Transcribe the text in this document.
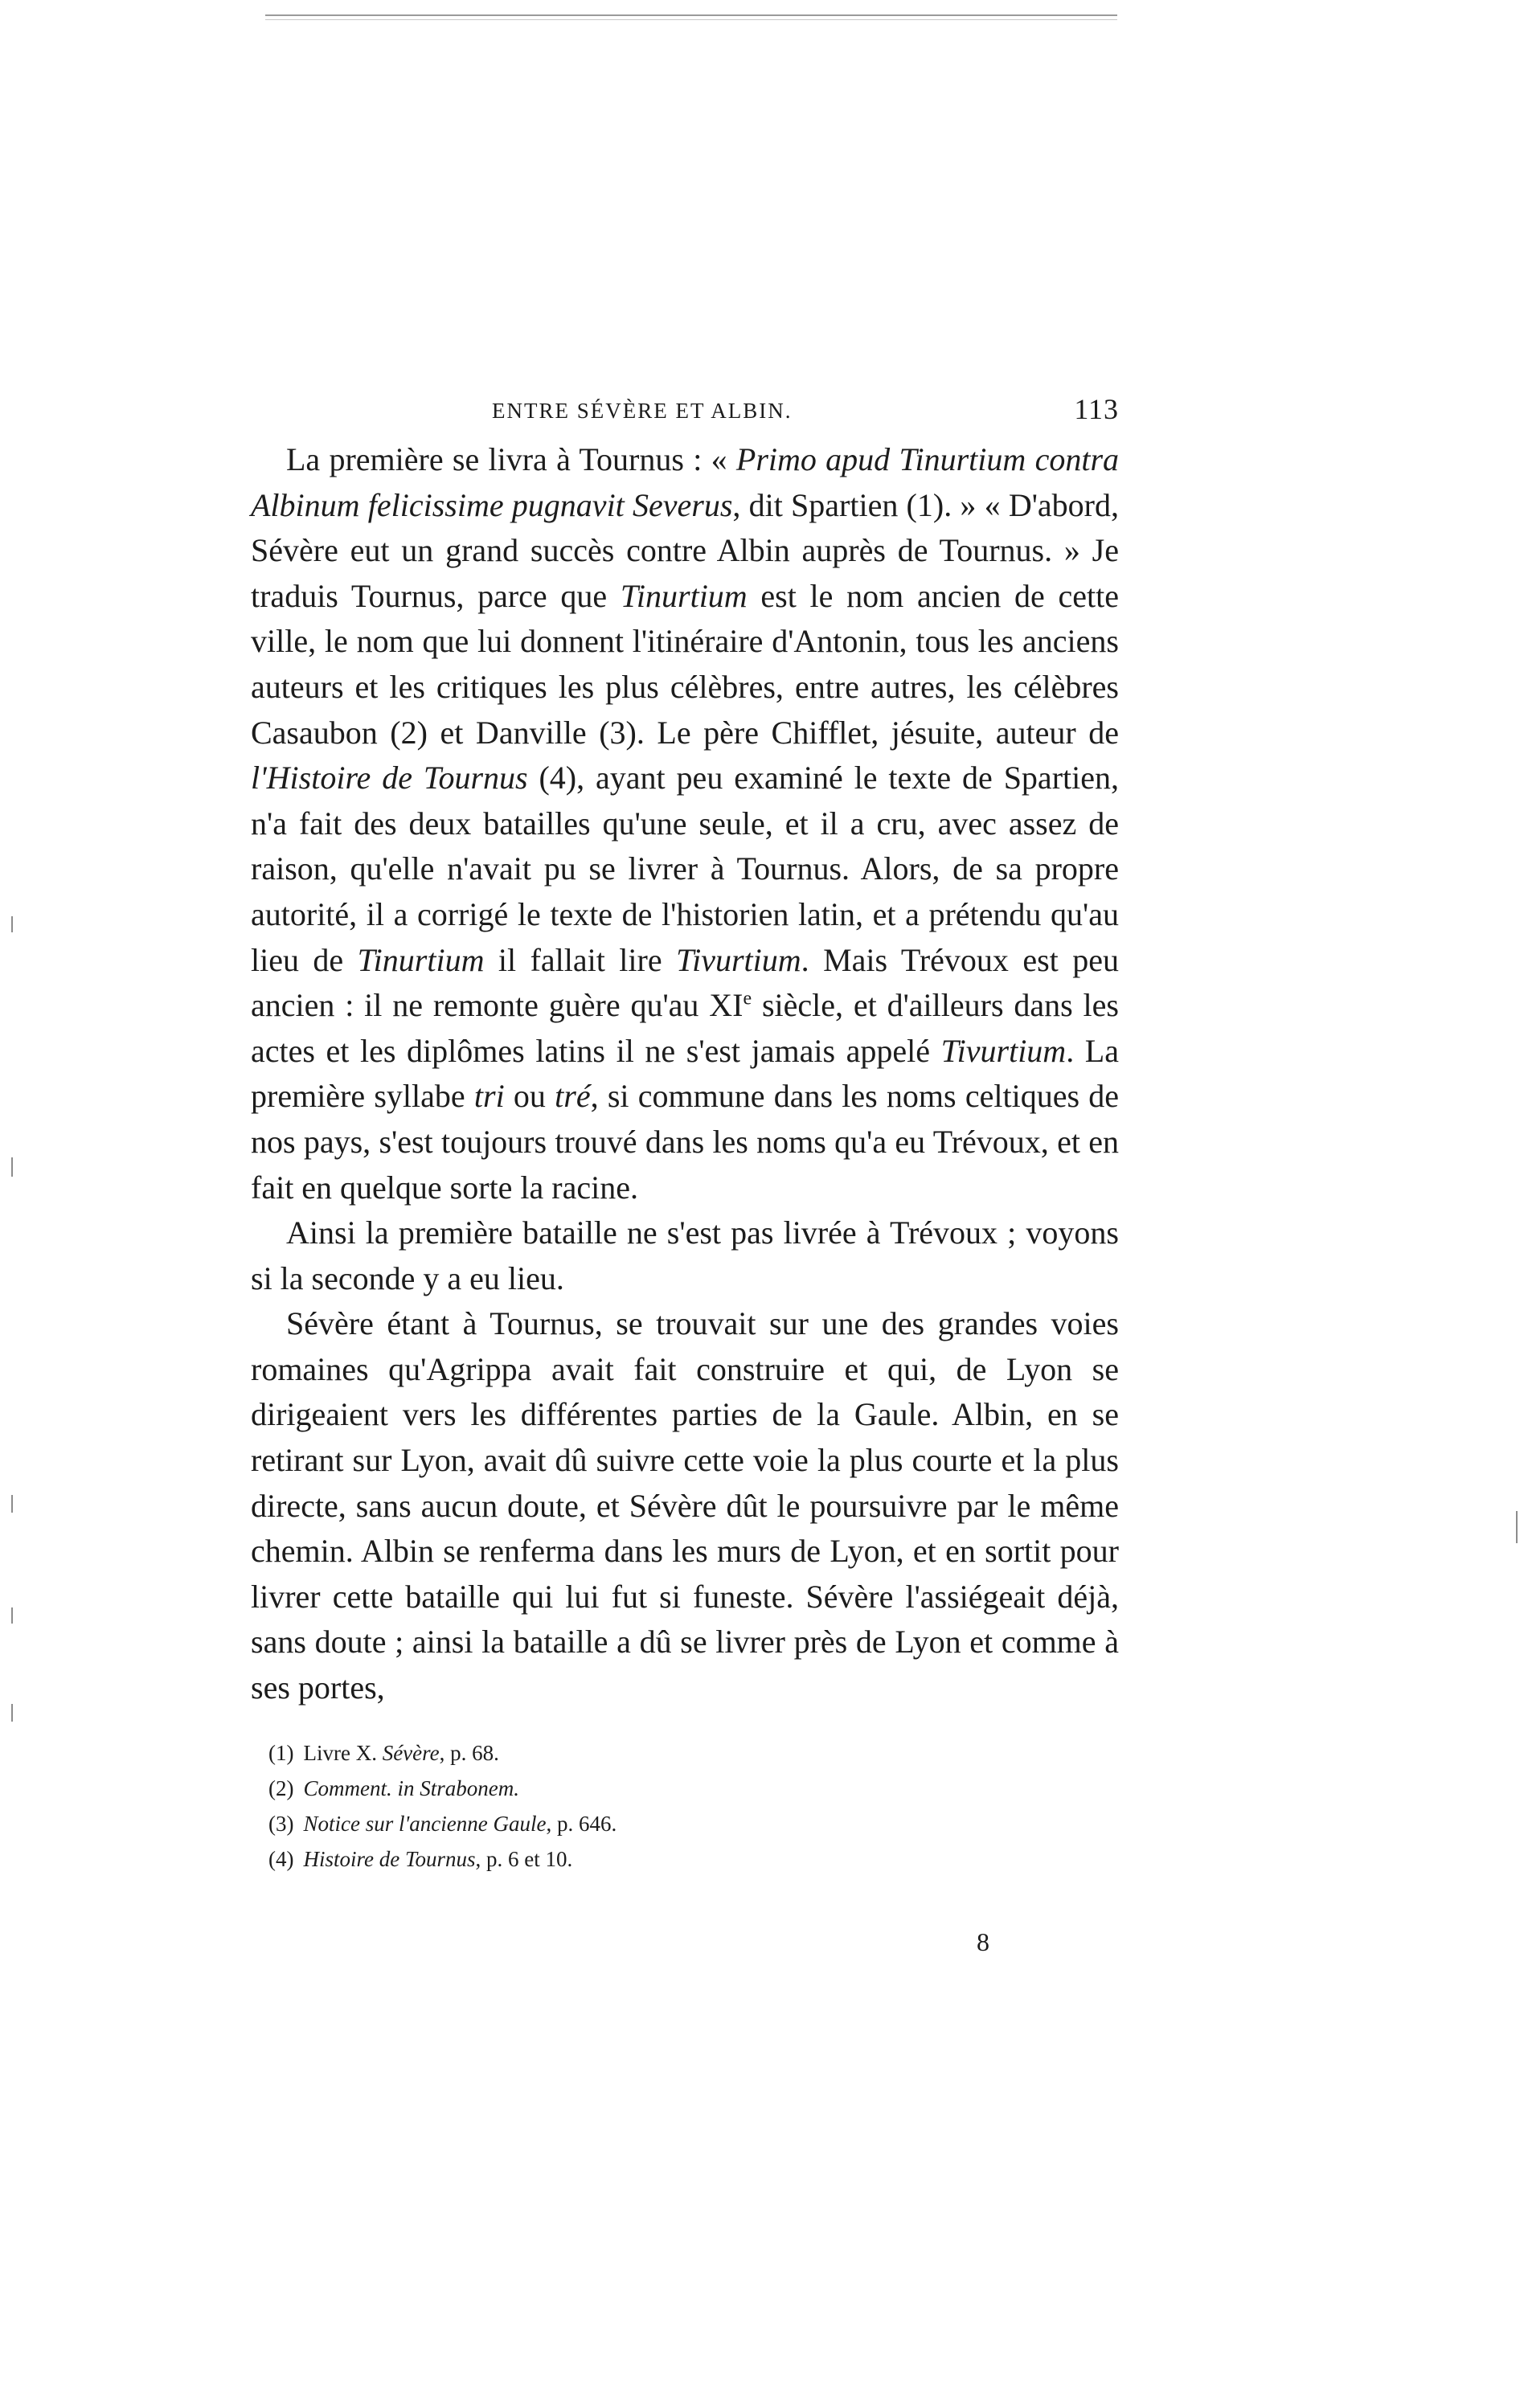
ENTRE SÉVÈRE ET ALBIN.	113

La première se livra à Tournus : « Primo apud Tinurtium contra Albinum felicissime pugnavit Severus, dit Spartien (1). » « D'abord, Sévère eut un grand succès contre Albin auprès de Tournus. » Je traduis Tournus, parce que Tinurtium est le nom ancien de cette ville, le nom que lui donnent l'itinéraire d'Antonin, tous les anciens auteurs et les critiques les plus célèbres, entre autres, les célèbres Casaubon (2) et Danville (3). Le père Chifflet, jésuite, auteur de l'Histoire de Tournus (4), ayant peu examiné le texte de Spartien, n'a fait des deux batailles qu'une seule, et il a cru, avec assez de raison, qu'elle n'avait pu se livrer à Tournus. Alors, de sa propre autorité, il a corrigé le texte de l'historien latin, et a prétendu qu'au lieu de Tinurtium il fallait lire Tivurtium. Mais Trévoux est peu ancien : il ne remonte guère qu'au XIe siècle, et d'ailleurs dans les actes et les diplômes latins il ne s'est jamais appelé Tivurtium. La première syllabe tri ou tré, si commune dans les noms celtiques de nos pays, s'est toujours trouvé dans les noms qu'a eu Trévoux, et en fait en quelque sorte la racine.

Ainsi la première bataille ne s'est pas livrée à Trévoux ; voyons si la seconde y a eu lieu.

Sévère étant à Tournus, se trouvait sur une des grandes voies romaines qu'Agrippa avait fait construire et qui, de Lyon se dirigeaient vers les différentes parties de la Gaule. Albin, en se retirant sur Lyon, avait dû suivre cette voie la plus courte et la plus directe, sans aucun doute, et Sévère dût le poursuivre par le même chemin. Albin se renferma dans les murs de Lyon, et en sortit pour livrer cette bataille qui lui fut si funeste. Sévère l'assiégeait déjà, sans doute ; ainsi la bataille a dû se livrer près de Lyon et comme à ses portes,

(1) Livre X. Sévère, p. 68.
(2) Comment. in Strabonem.
(3) Notice sur l'ancienne Gaule, p. 646.
(4) Histoire de Tournus, p. 6 et 10.
8
